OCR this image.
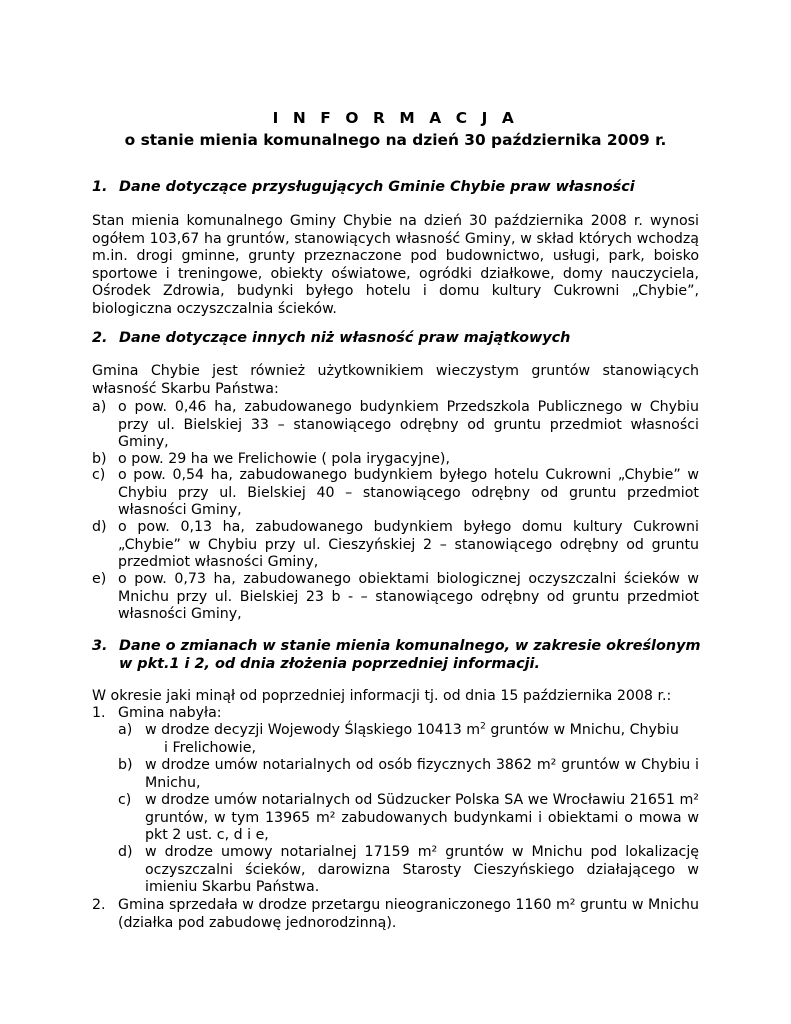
I N F O R M A C J A
o stanie mienia komunalnego na dzień 30 października 2009 r.
1. Dane dotyczące przysługujących Gminie Chybie praw własności
Stan mienia komunalnego Gminy Chybie na dzień 30 października 2008 r. wynosi ogółem 103,67 ha gruntów, stanowiących własność Gminy, w skład których wchodzą m.in. drogi gminne, grunty przeznaczone pod budownictwo, usługi, park, boisko sportowe i treningowe, obiekty oświatowe, ogródki działkowe, domy nauczyciela, Ośrodek Zdrowia, budynki byłego hotelu i domu kultury Cukrowni „Chybie”, biologiczna oczyszczalnia ścieków.
2. Dane dotyczące innych niż własność praw majątkowych
Gmina Chybie jest również użytkownikiem wieczystym gruntów stanowiących własność Skarbu Państwa:
a) o pow. 0,46 ha, zabudowanego budynkiem Przedszkola Publicznego w Chybiu przy ul. Bielskiej 33 – stanowiącego odrębny od gruntu przedmiot własności Gminy,
b) o pow. 29 ha we Frelichowie ( pola irygacyjne),
c) o pow. 0,54 ha, zabudowanego budynkiem byłego hotelu Cukrowni „Chybie” w Chybiu przy ul. Bielskiej 40 – stanowiącego odrębny od gruntu przedmiot własności Gminy,
d) o pow. 0,13 ha, zabudowanego budynkiem byłego domu kultury Cukrowni „Chybie” w Chybiu przy ul. Cieszyńskiej 2 – stanowiącego odrębny od gruntu przedmiot własności Gminy,
e) o pow. 0,73 ha, zabudowanego obiektami biologicznej oczyszczalni ścieków w Mnichu przy ul. Bielskiej 23 b - – stanowiącego odrębny od gruntu przedmiot własności Gminy,
3. Dane o zmianach w stanie mienia komunalnego, w zakresie określonym w pkt.1 i 2, od dnia złożenia poprzedniej informacji.
W okresie jaki minął od poprzedniej informacji tj. od dnia 15 października 2008 r.:
1. Gmina nabyła:
a) w drodze decyzji Wojewody Śląskiego 10413 $m^2$ gruntów w Mnichu, Chybiu
i Frelichowie,
b) w drodze umów notarialnych od osób fizycznych 3862 m² gruntów w Chybiu i Mnichu,
c) w drodze umów notarialnych od Südzucker Polska SA we Wrocławiu 21651 m² gruntów, w tym 13965 m² zabudowanych budynkami i obiektami o mowa w pkt 2 ust. c, d i e,
d) w drodze umowy notarialnej 17159 m² gruntów w Mnichu pod lokalizację oczyszczalni ścieków, darowizna Starosty Cieszyńskiego działającego w imieniu Skarbu Państwa.
2. Gmina sprzedała w drodze przetargu nieograniczonego 1160 m² gruntu w Mnichu (działka pod zabudowę jednorodzinną).
